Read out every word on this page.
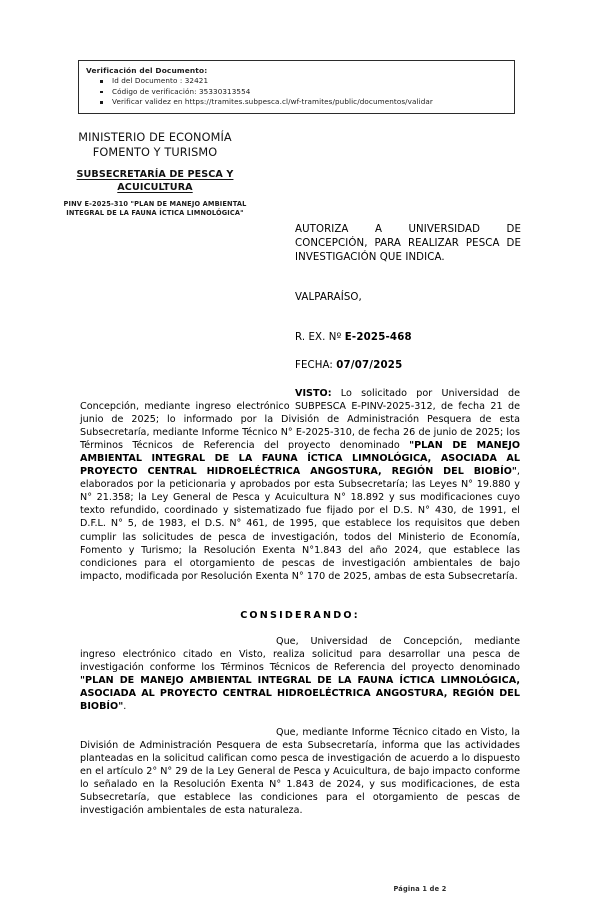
Verificación del Documento:
Id del Documento : 32421
Código de verificación: 35330313554
Verificar validez en https://tramites.subpesca.cl/wf-tramites/public/documentos/validar
MINISTERIO DE ECONOMÍA
FOMENTO Y TURISMO
SUBSECRETARÍA DE PESCA Y
ACUICULTURA
PINV E-2025-310 "PLAN DE MANEJO AMBIENTAL
INTEGRAL DE LA FAUNA ÍCTICA LIMNOLÓGICA"
AUTORIZA A UNIVERSIDAD DE CONCEPCIÓN, PARA REALIZAR PESCA DE INVESTIGACIÓN QUE INDICA.
VALPARAÍSO,
R. EX. Nº E-2025-468
FECHA: 07/07/2025

VISTO: Lo solicitado por Universidad de Concepción, mediante ingreso electrónico SUBPESCA E-PINV-2025-312, de fecha 21 de junio de 2025; lo informado por la División de Administración Pesquera de esta Subsecretaría, mediante Informe Técnico N° E-2025-310, de fecha 26 de junio de 2025; los Términos Técnicos de Referencia del proyecto denominado "PLAN DE MANEJO AMBIENTAL INTEGRAL DE LA FAUNA ÍCTICA LIMNOLÓGICA, ASOCIADA AL PROYECTO CENTRAL HIDROELÉCTRICA ANGOSTURA, REGIÓN DEL BIOBÍO", elaborados por la peticionaria y aprobados por esta Subsecretaría; las Leyes N° 19.880 y N° 21.358; la Ley General de Pesca y Acuicultura N° 18.892 y sus modificaciones cuyo texto refundido, coordinado y sistematizado fue fijado por el D.S. N° 430, de 1991, el D.F.L. N° 5, de 1983, el D.S. N° 461, de 1995, que establece los requisitos que deben cumplir las solicitudes de pesca de investigación, todos del Ministerio de Economía, Fomento y Turismo; la Resolución Exenta N°1.843 del año 2024, que establece las condiciones para el otorgamiento de pescas de investigación ambientales de bajo impacto, modificada por Resolución Exenta N° 170 de 2025, ambas de esta Subsecretaría.

CONSIDERANDO:

Que, Universidad de Concepción, mediante ingreso electrónico citado en Visto, realiza solicitud para desarrollar una pesca de investigación conforme los Términos Técnicos de Referencia del proyecto denominado "PLAN DE MANEJO AMBIENTAL INTEGRAL DE LA FAUNA ÍCTICA LIMNOLÓGICA, ASOCIADA AL PROYECTO CENTRAL HIDROELÉCTRICA ANGOSTURA, REGIÓN DEL BIOBÍO".

Que, mediante Informe Técnico citado en Visto, la División de Administración Pesquera de esta Subsecretaría, informa que las actividades planteadas en la solicitud califican como pesca de investigación de acuerdo a lo dispuesto en el artículo 2° N° 29 de la Ley General de Pesca y Acuicultura, de bajo impacto conforme lo señalado en la Resolución Exenta N° 1.843 de 2024, y sus modificaciones, de esta Subsecretaría, que establece las condiciones para el otorgamiento de pescas de investigación ambientales de esta naturaleza.

Página 1 de 2
